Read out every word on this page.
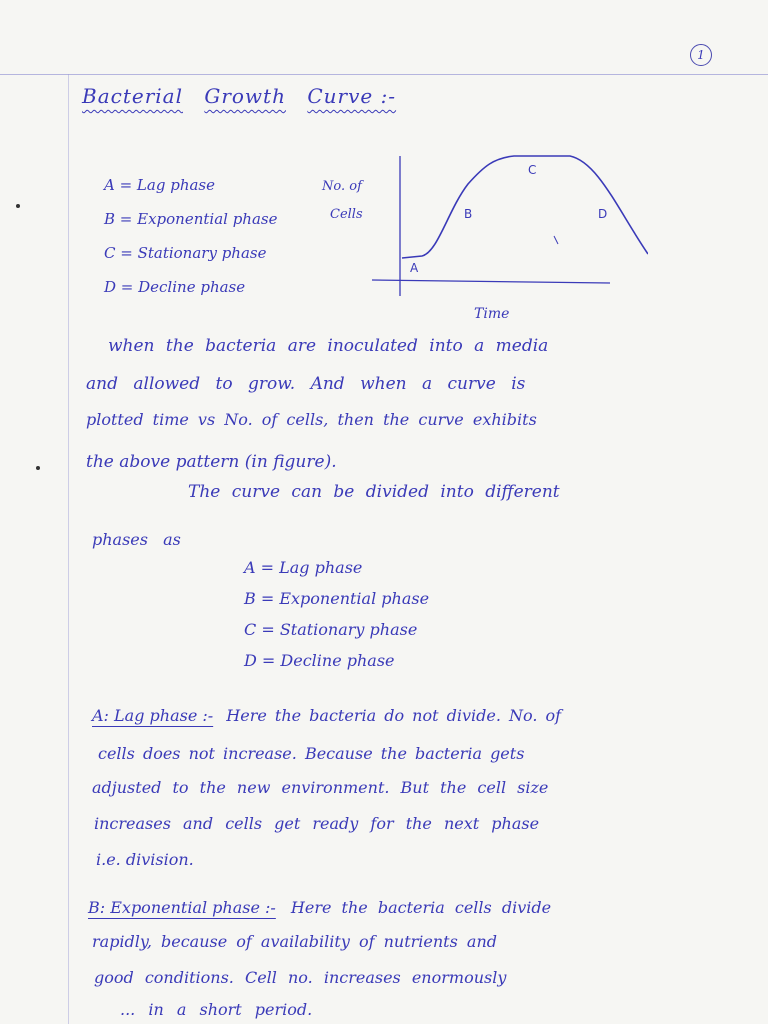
1
Bacterial Growth Curve :-
A = Lag phase
B = Exponential phase
C = Stationary phase
D = Decline phase
No. of
Cells
A
B
C
D
Time
when the bacteria are inoculated into a media
and allowed to grow. And when a curve is
plotted time vs No. of cells, then the curve exhibits
the above pattern (in figure).
The curve can be divided into different
phases as
A = Lag phase
B = Exponential phase
C = Stationary phase
D = Decline phase
A: Lag phase :- Here the bacteria do not divide. No. of
cells does not increase. Because the bacteria gets
adjusted to the new environment. But the cell size
increases and cells get ready for the next phase
i.e. division.
B: Exponential phase :- Here the bacteria cells divide
rapidly, because of availability of nutrients and
good conditions. Cell no. increases enormously
... in a short period.
